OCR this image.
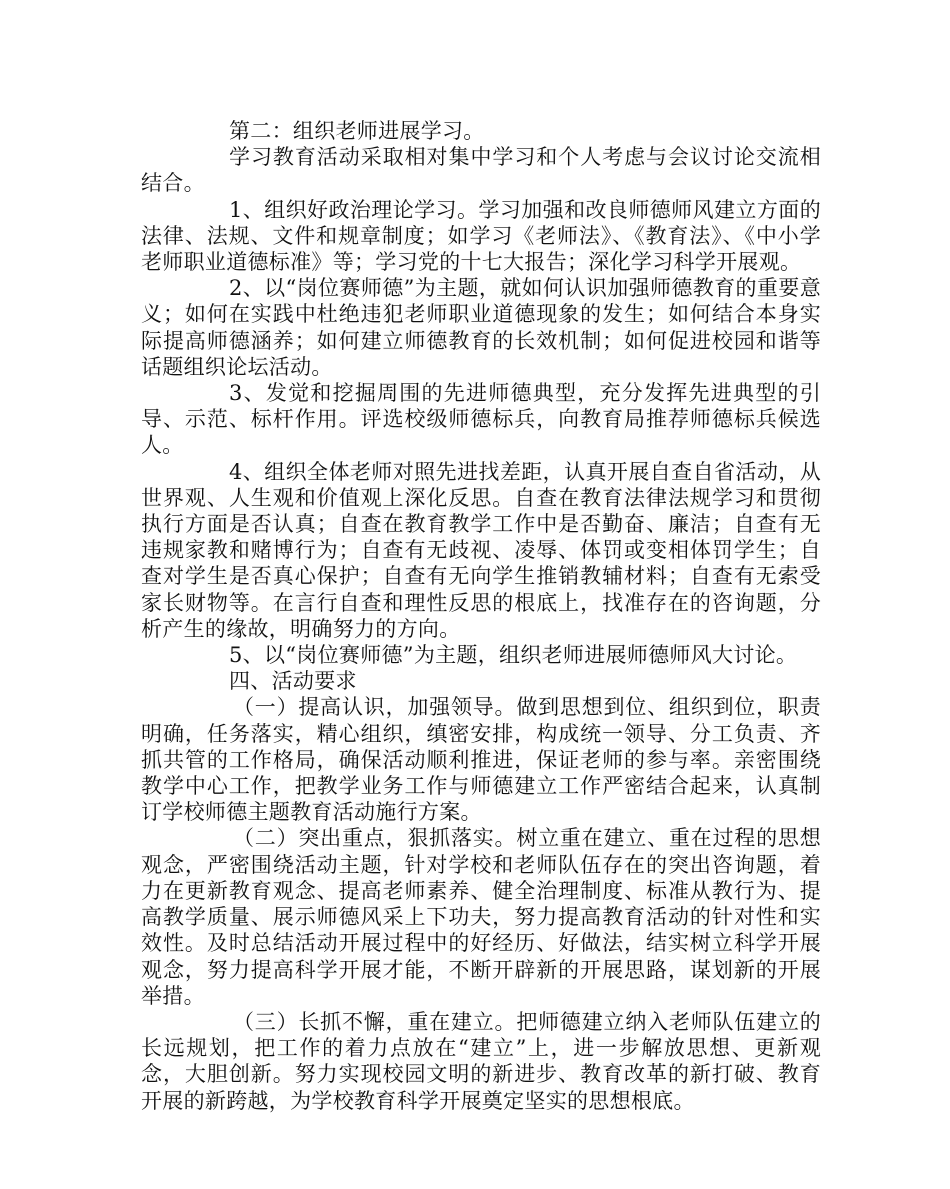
第二：组织老师进展学习。

学习教育活动采取相对集中学习和个人考虑与会议讨论交流相结合。

1、组织好政治理论学习。学习加强和改良师德师风建立方面的法律、法规、文件和规章制度；如学习《老师法》、《教育法》、《中小学老师职业道德标准》等；学习党的十七大报告；深化学习科学开展观。

2、以“岗位赛师德”为主题，就如何认识加强师德教育的重要意义；如何在实践中杜绝违犯老师职业道德现象的发生；如何结合本身实际提高师德涵养；如何建立师德教育的长效机制；如何促进校园和谐等话题组织论坛活动。

3、发觉和挖掘周围的先进师德典型，充分发挥先进典型的引导、示范、标杆作用。评选校级师德标兵，向教育局推荐师德标兵候选人。

4、组织全体老师对照先进找差距，认真开展自查自省活动，从世界观、人生观和价值观上深化反思。自查在教育法律法规学习和贯彻执行方面是否认真；自查在教育教学工作中是否勤奋、廉洁；自查有无违规家教和赌博行为；自查有无歧视、凌辱、体罚或变相体罚学生；自查对学生是否真心保护；自查有无向学生推销教辅材料；自查有无索受家长财物等。在言行自查和理性反思的根底上，找准存在的咨询题，分析产生的缘故，明确努力的方向。

5、以“岗位赛师德”为主题，组织老师进展师德师风大讨论。

四、活动要求

（一）提高认识，加强领导。做到思想到位、组织到位，职责明确，任务落实，精心组织，缜密安排，构成统一领导、分工负责、齐抓共管的工作格局，确保活动顺利推进，保证老师的参与率。亲密围绕教学中心工作，把教学业务工作与师德建立工作严密结合起来，认真制订学校师德主题教育活动施行方案。

（二）突出重点，狠抓落实。树立重在建立、重在过程的思想观念，严密围绕活动主题，针对学校和老师队伍存在的突出咨询题，着力在更新教育观念、提高老师素养、健全治理制度、标准从教行为、提高教学质量、展示师德风采上下功夫，努力提高教育活动的针对性和实效性。及时总结活动开展过程中的好经历、好做法，结实树立科学开展观念，努力提高科学开展才能，不断开辟新的开展思路，谋划新的开展举措。

（三）长抓不懈，重在建立。把师德建立纳入老师队伍建立的长远规划，把工作的着力点放在“建立”上，进一步解放思想、更新观念，大胆创新。努力实现校园文明的新进步、教育改革的新打破、教育开展的新跨越，为学校教育科学开展奠定坚实的思想根底。
